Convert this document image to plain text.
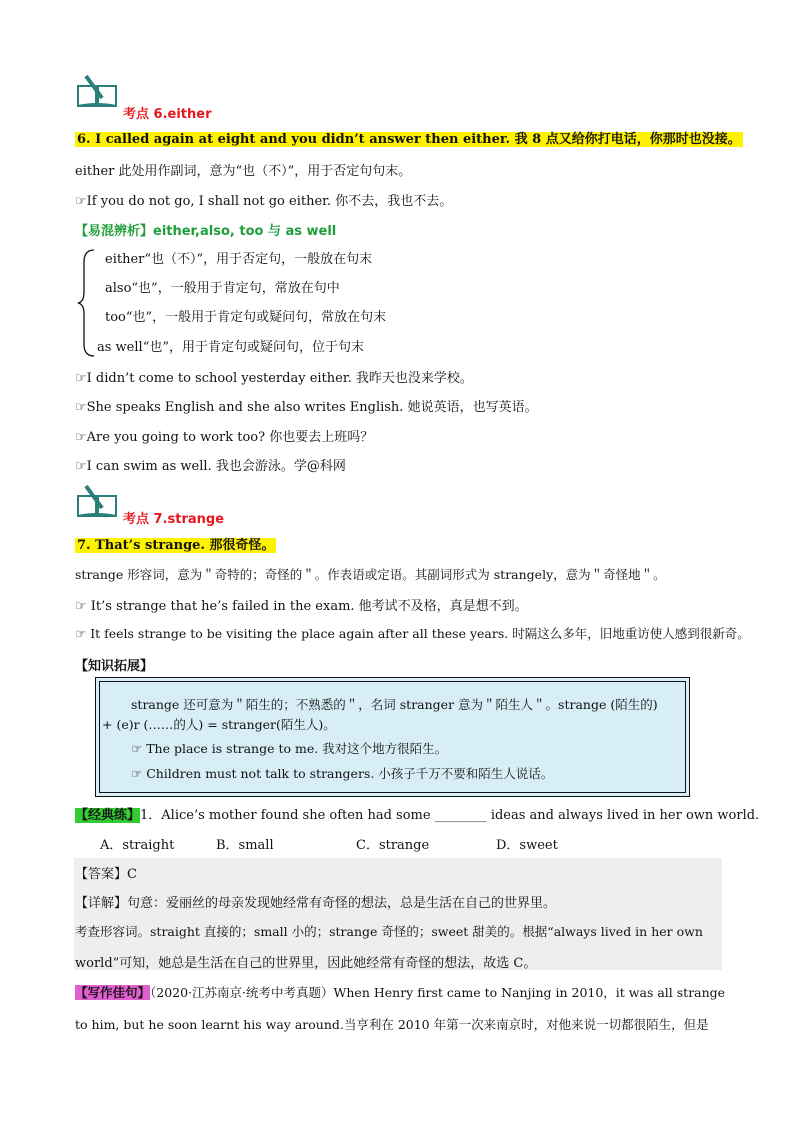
考点 6.either
6. I called again at eight and you didn’t answer then either. 我 8 点又给你打电话，你那时也没接。
either 此处用作副词，意为“也（不）”，用于否定句句末。
☞If you do not go, I shall not go either. 你不去，我也不去。
【易混辨析】either,also, too 与 as well
either“也（不）”，用于否定句，一般放在句末
also“也”，一般用于肯定句，常放在句中
too“也”，一般用于肯定句或疑问句，常放在句末
as well“也”，用于肯定句或疑问句，位于句末
☞I didn’t come to school yesterday either. 我昨天也没来学校。
☞She speaks English and she also writes English. 她说英语，也写英语。
☞Are you going to work too? 你也要去上班吗？
☞I can swim as well. 我也会游泳。学@科网
考点 7.strange
7. That’s strange. 那很奇怪。
strange 形容词，意为＂奇特的；奇怪的＂。作表语或定语。其副词形式为 strangely，意为＂奇怪地＂。
☞ It’s strange that he’s failed in the exam. 他考试不及格，真是想不到。
☞ It feels strange to be visiting the place again after all these years. 时隔这么多年，旧地重访使人感到很新奇。
【知识拓展】
strange 还可意为＂陌生的；不熟悉的＂，名词 stranger 意为＂陌生人＂。strange (陌生的)
+ (e)r (……的人) = stranger(陌生人)。
☞ The place is strange to me. 我对这个地方很陌生。
☞ Children must not talk to strangers. 小孩子千万不要和陌生人说话。
【经典练】1．Alice’s mother found she often had some ________ ideas and always lived in her own world.
A．straight	B．small	C．strange	D．sweet
【答案】C
【详解】句意：爱丽丝的母亲发现她经常有奇怪的想法，总是生活在自己的世界里。
考查形容词。straight 直接的；small 小的；strange 奇怪的；sweet 甜美的。根据“always lived in her own
world”可知，她总是生活在自己的世界里，因此她经常有奇怪的想法，故选 C。
【写作佳句】（2020·江苏南京·统考中考真题）When Henry first came to Nanjing in 2010，it was all strange
to him, but he soon learnt his way around.当亨利在 2010 年第一次来南京时，对他来说一切都很陌生，但是
